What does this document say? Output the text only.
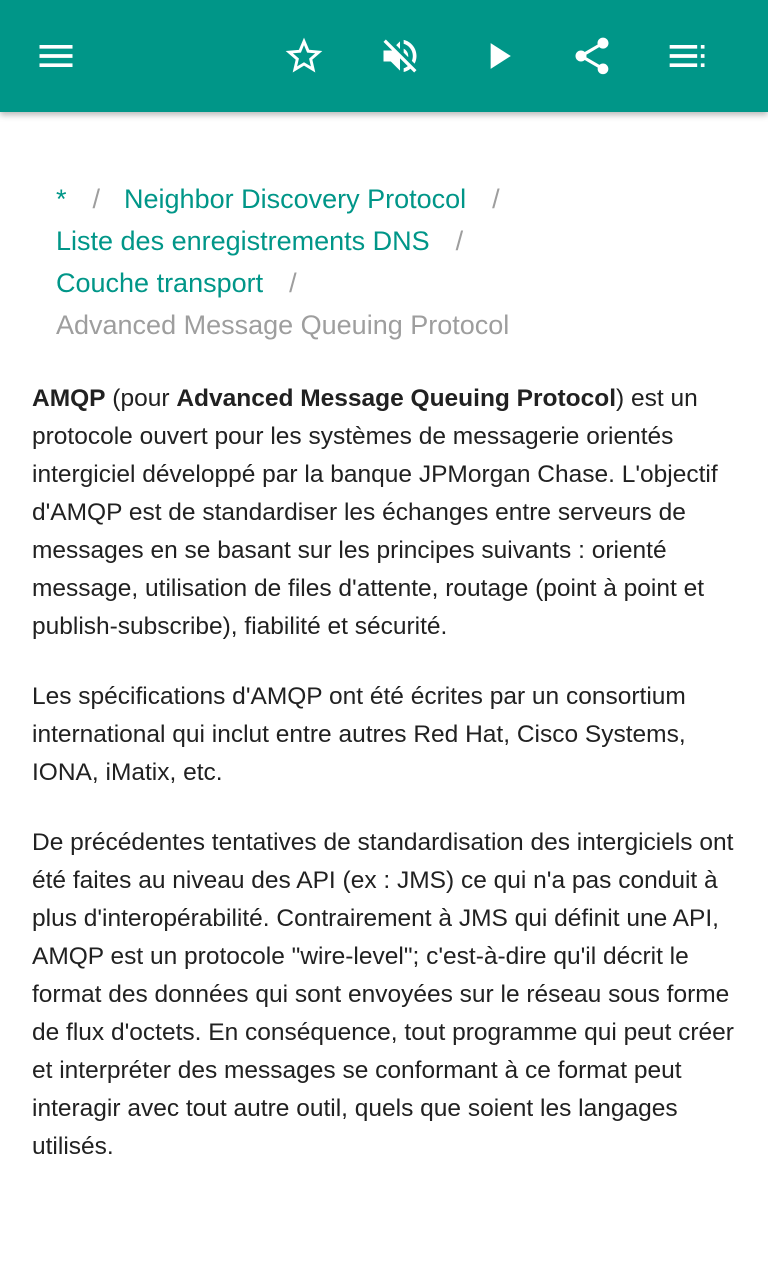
* / Neighbor Discovery Protocol /
Liste des enregistrements DNS /
Couche transport /
Advanced Message Queuing Protocol

AMQP (pour Advanced Message Queuing Protocol) est un protocole ouvert pour les systèmes de messagerie orientés intergiciel développé par la banque JPMorgan Chase. L'objectif d'AMQP est de standardiser les échanges entre serveurs de messages en se basant sur les principes suivants : orienté message, utilisation de files d'attente, routage (point à point et publish-subscribe), fiabilité et sécurité.

Les spécifications d'AMQP ont été écrites par un consortium international qui inclut entre autres Red Hat, Cisco Systems, IONA, iMatix, etc.

De précédentes tentatives de standardisation des intergiciels ont été faites au niveau des API (ex : JMS) ce qui n'a pas conduit à plus d'interopérabilité. Contrairement à JMS qui définit une API, AMQP est un protocole "wire-level"; c'est-à-dire qu'il décrit le format des données qui sont envoyées sur le réseau sous forme de flux d'octets. En conséquence, tout programme qui peut créer et interpréter des messages se conformant à ce format peut interagir avec tout autre outil, quels que soient les langages utilisés.
